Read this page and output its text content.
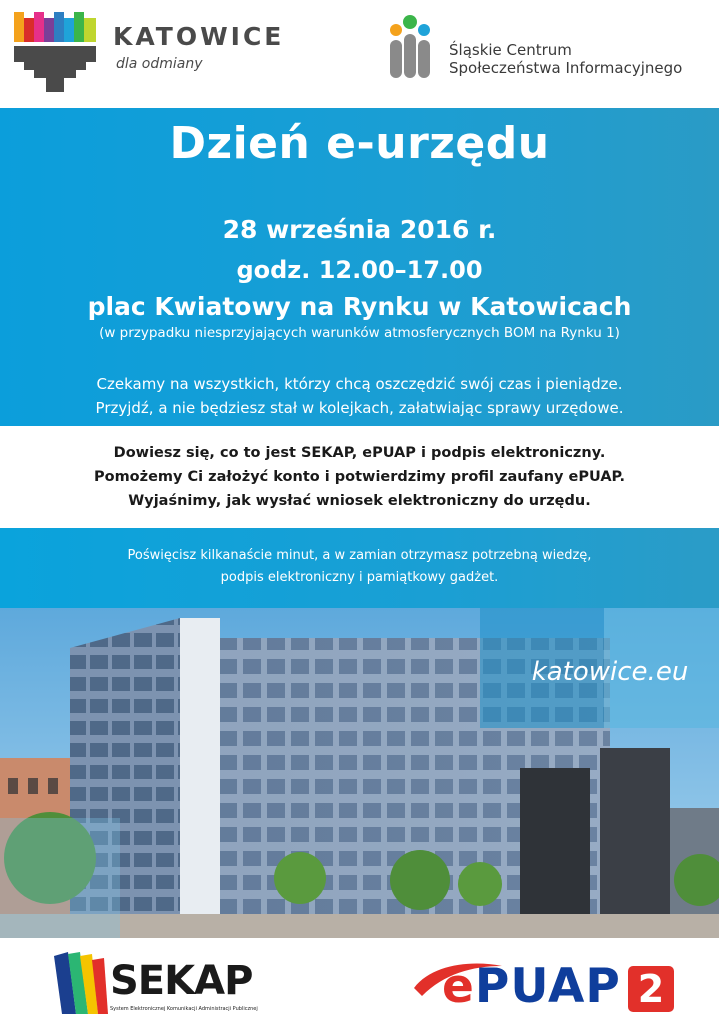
KATOWICE
dla odmiany
Śląskie Centrum
Społeczeństwa Informacyjnego
Dzień e-urzędu
28 września 2016 r.
godz. 12.00–17.00
plac Kwiatowy na Rynku w Katowicach
(w przypadku niesprzyjających warunków atmosferycznych BOM na Rynku 1)
Czekamy na wszystkich, którzy chcą oszczędzić swój czas i pieniądze.
Przyjdź, a nie będziesz stał w kolejkach, załatwiając sprawy urzędowe.
Dowiesz się, co to jest SEKAP, ePUAP i podpis elektroniczny.
Pomożemy Ci założyć konto i potwierdzimy profil zaufany ePUAP.
Wyjaśnimy, jak wysłać wniosek elektroniczny do urzędu.
Poświęcisz kilkanaście minut, a w zamian otrzymasz potrzebną wiedzę,
podpis elektroniczny i pamiątkowy gadżet.
katowice.eu
SEKAP
System Elektronicznej Komunikacji Administracji Publicznej	ePUAP 2
